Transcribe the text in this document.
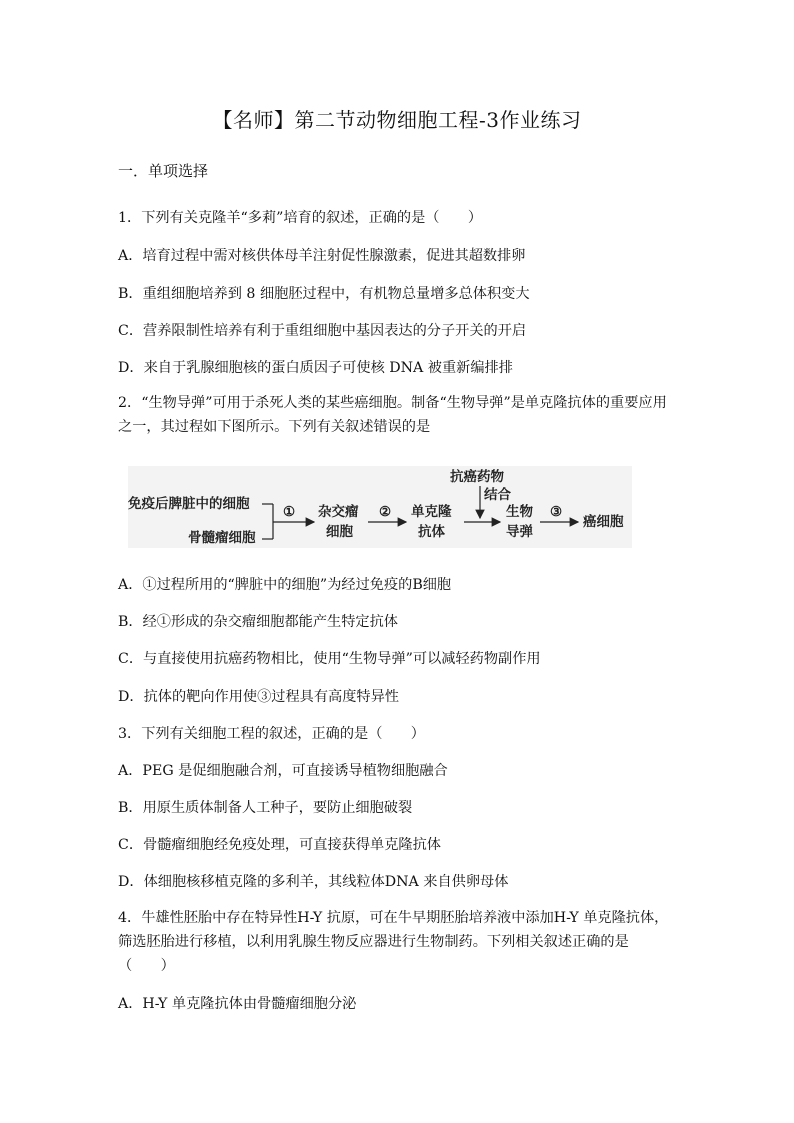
【名师】第二节动物细胞工程-3作业练习
一．单项选择
1．下列有关克隆羊“多莉”培育的叙述，正确的是（　　）
A．培育过程中需对核供体母羊注射促性腺激素，促进其超数排卵
B．重组细胞培养到 8 细胞胚过程中，有机物总量增多总体积变大
C．营养限制性培养有利于重组细胞中基因表达的分子开关的开启
D．来自于乳腺细胞核的蛋白质因子可使核 DNA 被重新编排排
2．“生物导弹”可用于杀死人类的某些癌细胞。制备“生物导弹”是单克隆抗体的重要应用之一，其过程如下图所示。下列有关叙述错误的是
免疫后脾脏中的细胞
骨髓瘤细胞
① 杂交瘤
细胞
② 单克隆
抗体
抗癌药物
结合
生物
导弹
③
癌细胞
A．①过程所用的“脾脏中的细胞”为经过免疫的B细胞
B．经①形成的杂交瘤细胞都能产生特定抗体
C．与直接使用抗癌药物相比，使用“生物导弹”可以减轻药物副作用
D．抗体的靶向作用使③过程具有高度特异性
3．下列有关细胞工程的叙述，正确的是（　　）
A．PEG 是促细胞融合剂，可直接诱导植物细胞融合
B．用原生质体制备人工种子，要防止细胞破裂
C．骨髓瘤细胞经免疫处理，可直接获得单克隆抗体
D．体细胞核移植克隆的多利羊，其线粒体DNA 来自供卵母体
4．牛雄性胚胎中存在特异性H-Y 抗原，可在牛早期胚胎培养液中添加H-Y 单克隆抗体，筛选胚胎进行移植，以利用乳腺生物反应器进行生物制药。下列相关叙述正确的是（　　）
A．H-Y 单克隆抗体由骨髓瘤细胞分泌
